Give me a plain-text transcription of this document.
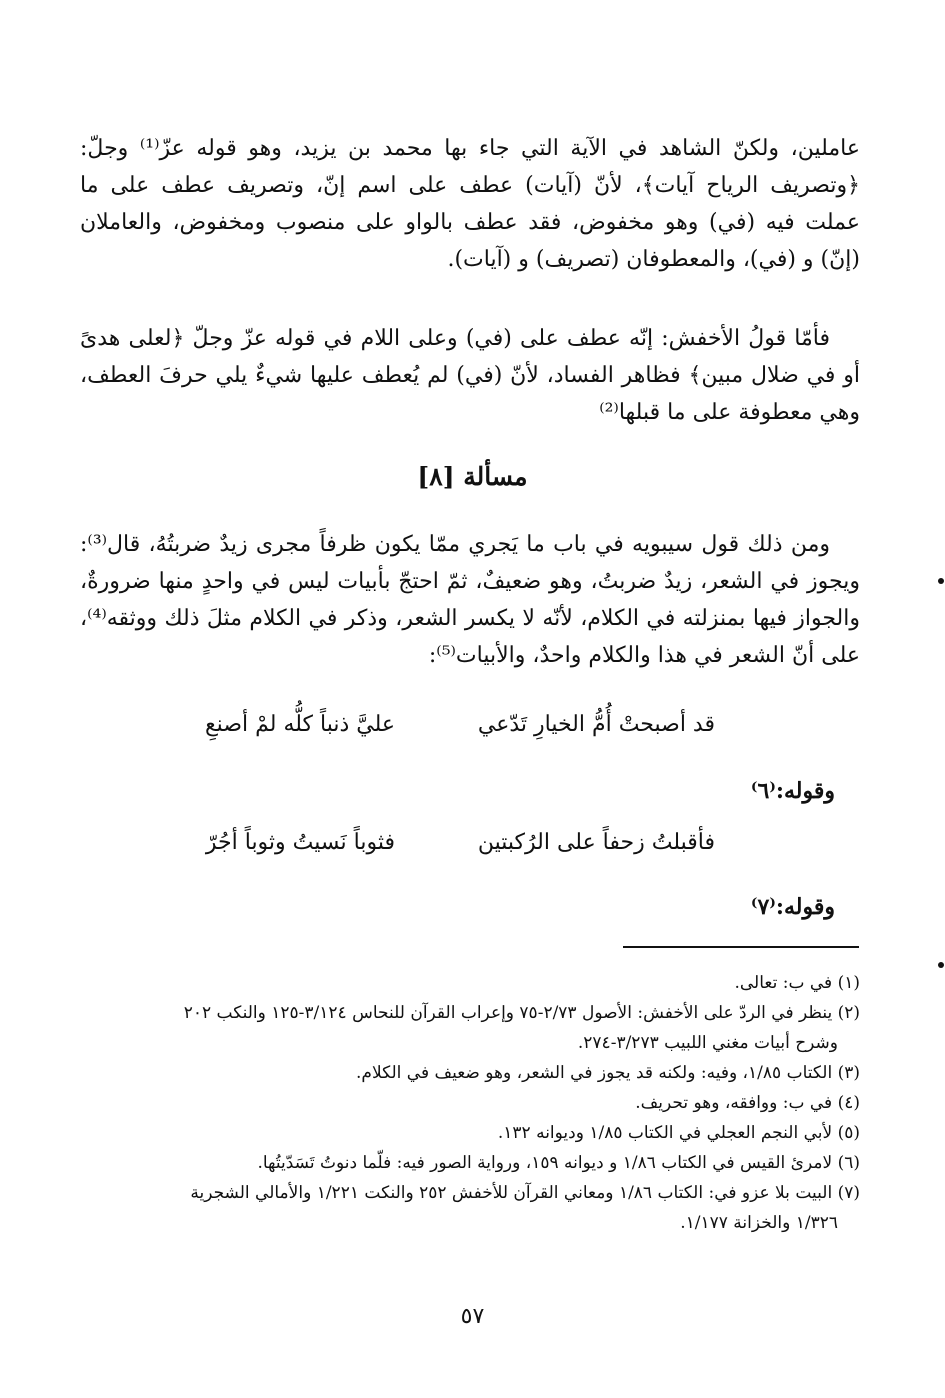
عاملين، ولكنّ الشاهد في الآية التي جاء بها محمد بن يزيد، وهو قوله عزّ⁽¹⁾ وجلّ: ﴿وتصريف الرياح آيات﴾، لأنّ (آيات) عطف على اسم إنّ، وتصريف عطف على ما عملت فيه (في) وهو مخفوض، فقد عطف بالواو على منصوب ومخفوض، والعاملان (إنّ) و (في)، والمعطوفان (تصريف) و (آيات).

فأمّا قولُ الأخفش: إنّه عطف على (في) وعلى اللام في قوله عزّ وجلّ ﴿لعلى هدىً أو في ضلال مبين﴾ فظاهر الفساد، لأنّ (في) لم يُعطف عليها شيءٌ يلي حرفَ العطف، وهي معطوفة على ما قبلها⁽²⁾

مسألة [٨]

ومن ذلك قول سيبويه في باب ما يَجري ممّا يكون ظرفاً مجرى زيدٌ ضربتُهُ، قال⁽³⁾: ويجوز في الشعر، زيدٌ ضربتُ، وهو ضعيفٌ، ثمّ احتجّ بأبيات ليس في واحدٍ منها ضرورةٌ، والجواز فيها بمنزلته في الكلام، لأنّه لا يكسر الشعر، وذكر في الكلام مثلَ ذلك ووثقه⁽⁴⁾، على أنّ الشعر في هذا والكلام واحدٌ، والأبيات⁽⁵⁾:

قد أصبحتْ أُمُّ الخيارِ تَدّعي
عليَّ ذنباً كلُّه لمْ أصنعِ
وقوله:⁽٦⁾
فأقبلتُ زحفاً على الرُكبتين
فثوباً نَسيتُ وثوباً أجُرّ
وقوله:⁽٧⁾

(١) في ب: تعالى.

(٢) ينظر في الردّ على الأخفش: الأصول ٢/٧٣-٧٥ وإعراب القرآن للنحاس ٣/١٢٤-١٢٥ والنكب ٢٠٢

وشرح أبيات مغني اللبيب ٣/٢٧٣-٢٧٤.

(٣) الكتاب ١/٨٥، وفيه: ولكنه قد يجوز في الشعر، وهو ضعيف في الكلام.

(٤) في ب: ووافقه، وهو تحريف.

(٥) لأبي النجم العجلي في الكتاب ١/٨٥ وديوانه ١٣٢.

(٦) لامرئ القيس في الكتاب ١/٨٦ و ديوانه ١٥٩، ورواية الصور فيه: فلّما دنوتُ تَسَدّيتُها.

(٧) البيت بلا عزو في: الكتاب ١/٨٦ ومعاني القرآن للأخفش ٢٥٢ والنكت ١/٢٢١ والأمالي الشجرية

١/٣٢٦ والخزانة ١/١٧٧.

٥٧
